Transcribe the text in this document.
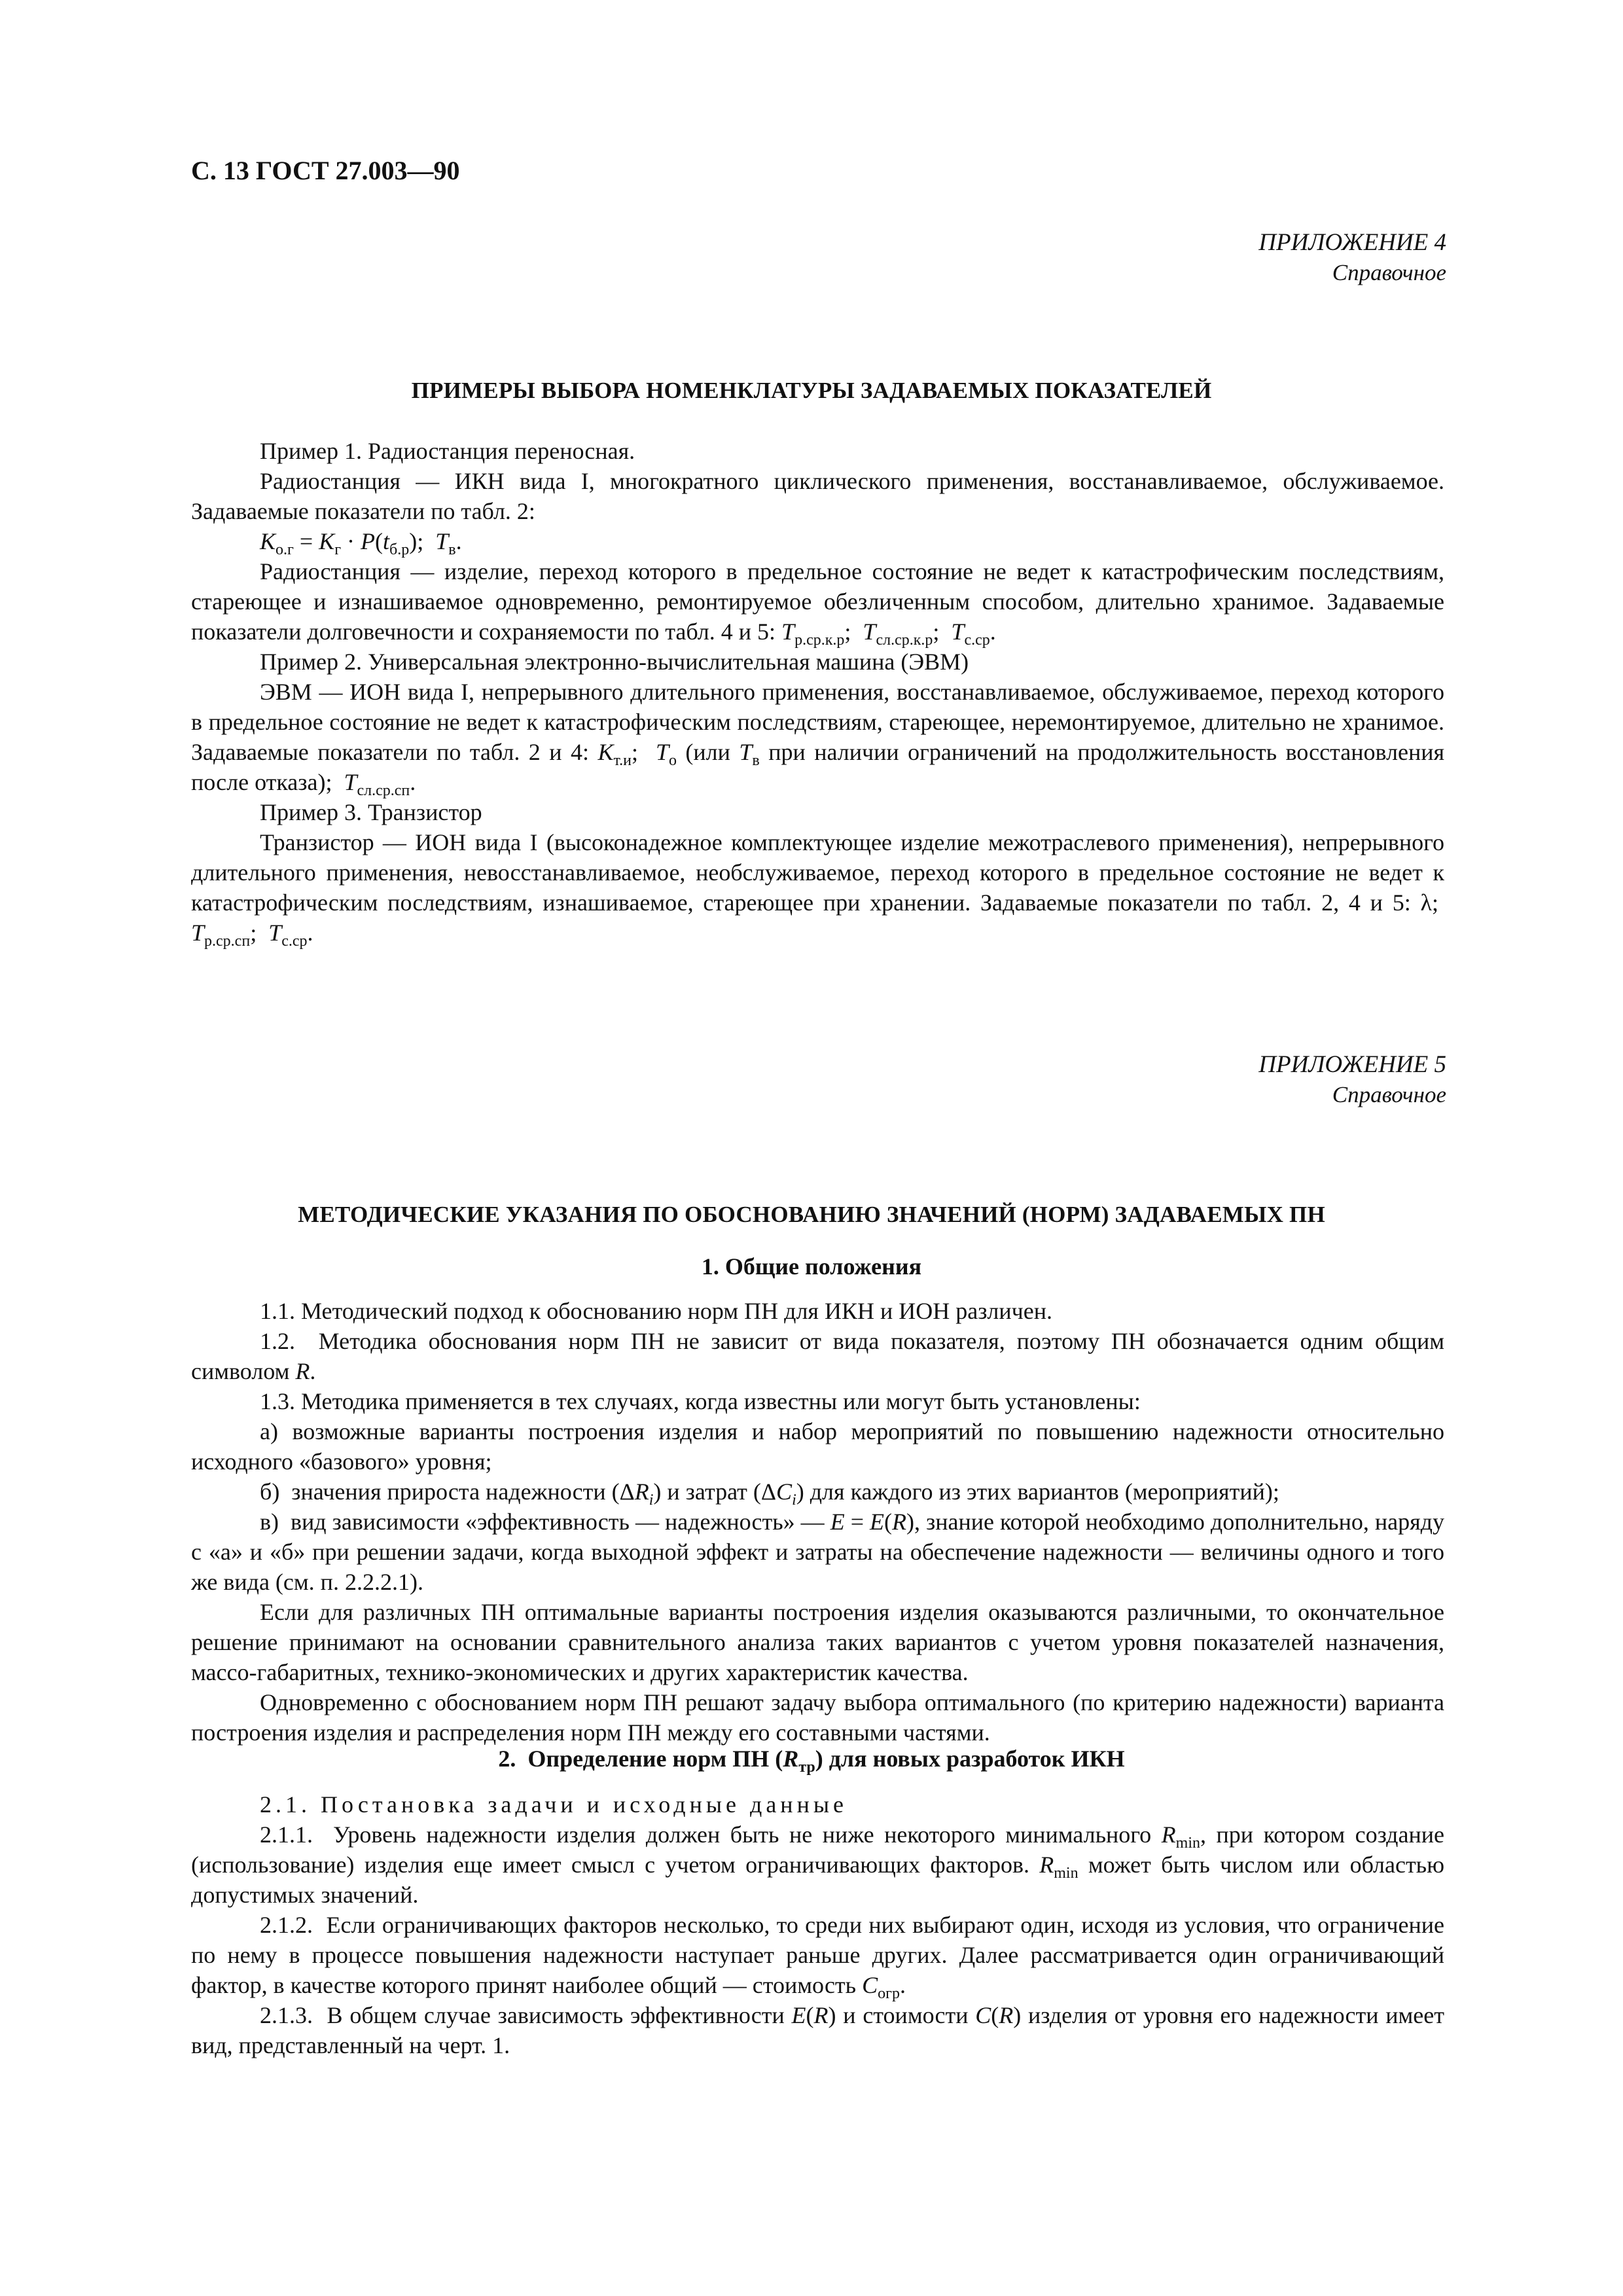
С. 13 ГОСТ 27.003—90
ПРИЛОЖЕНИЕ 4
Справочное
ПРИМЕРЫ ВЫБОРА НОМЕНКЛАТУРЫ ЗАДАВАЕМЫХ ПОКАЗАТЕЛЕЙ

Пример 1. Радиостанция переносная.

Радиостанция — ИКН вида I, многократного циклического применения, восстанавливаемое, обслуживаемое. Задаваемые показатели по табл. 2:

$K_{о.г} = K_г \cdot P(t_{б.р})$;  $T_в$.

Радиостанция — изделие, переход которого в предельное состояние не ведет к катастрофическим последствиям, стареющее и изнашиваемое одновременно, ремонтируемое обезличенным способом, длительно хранимое. Задаваемые показатели долговечности и сохраняемости по табл. 4 и 5: $T_{р.ср.к.р}$;  $T_{сл.ср.к.р}$;  $T_{с.ср}$.

Пример 2. Универсальная электронно-вычислительная машина (ЭВМ)

ЭВМ — ИОН вида I, непрерывного длительного применения, восстанавливаемое, обслуживаемое, переход которого в предельное состояние не ведет к катастрофическим последствиям, стареющее, неремонтируемое, длительно не хранимое. Задаваемые показатели по табл. 2 и 4: $K_{т.и}$;  $T_о$ (или $T_в$ при наличии ограничений на продолжительность восстановления после отказа);  $T_{сл.ср.сп}$.

Пример 3. Транзистор

Транзистор — ИОН вида I (высоконадежное комплектующее изделие межотраслевого применения), непрерывного длительного применения, невосстанавливаемое, необслуживаемое, переход которого в предельное состояние не ведет к катастрофическим последствиям, изнашиваемое, стареющее при хранении. Задаваемые показатели по табл. 2, 4 и 5: λ;  $T_{р.ср.сп}$;  $T_{с.ср}$.

ПРИЛОЖЕНИЕ 5
Справочное
МЕТОДИЧЕСКИЕ УКАЗАНИЯ ПО ОБОСНОВАНИЮ ЗНАЧЕНИЙ (НОРМ) ЗАДАВАЕМЫХ ПН
1. Общие положения

1.1. Методический подход к обоснованию норм ПН для ИКН и ИОН различен.

1.2.  Методика обоснования норм ПН не зависит от вида показателя, поэтому ПН обозначается одним общим символом R.

1.3. Методика применяется в тех случаях, когда известны или могут быть установлены:

а) возможные варианты построения изделия и набор мероприятий по повышению надежности относительно исходного «базового» уровня;

б)  значения прироста надежности $(\Delta R_i)$ и затрат $(\Delta C_i)$ для каждого из этих вариантов (мероприятий);

в)  вид зависимости «эффективность — надежность» — E = E(R), знание которой необходимо дополнительно, наряду с «а» и «б» при решении задачи, когда выходной эффект и затраты на обеспечение надежности — величины одного и того же вида (см. п. 2.2.2.1).

Если для различных ПН оптимальные варианты построения изделия оказываются различными, то окончательное решение принимают на основании сравнительного анализа таких вариантов с учетом уровня показателей назначения, массо-габаритных, технико-экономических и других характеристик качества.

Одновременно с обоснованием норм ПН решают задачу выбора оптимального (по критерию надежности) варианта построения изделия и распределения норм ПН между его составными частями.

2.  Определение норм ПН $(R_{тр})$ для новых разработок ИКН

2.1. Постановка задачи и исходные данные

2.1.1.  Уровень надежности изделия должен быть не ниже некоторого минимального $R_{min}$, при котором создание (использование) изделия еще имеет смысл с учетом ограничивающих факторов. $R_{min}$ может быть числом или областью допустимых значений.

2.1.2.  Если ограничивающих факторов несколько, то среди них выбирают один, исходя из условия, что ограничение по нему в процессе повышения надежности наступает раньше других. Далее рассматривается один ограничивающий фактор, в качестве которого принят наиболее общий — стоимость $C_{огр}$.

2.1.3.  В общем случае зависимость эффективности E(R) и стоимости C(R) изделия от уровня его надежности имеет вид, представленный на черт. 1.
